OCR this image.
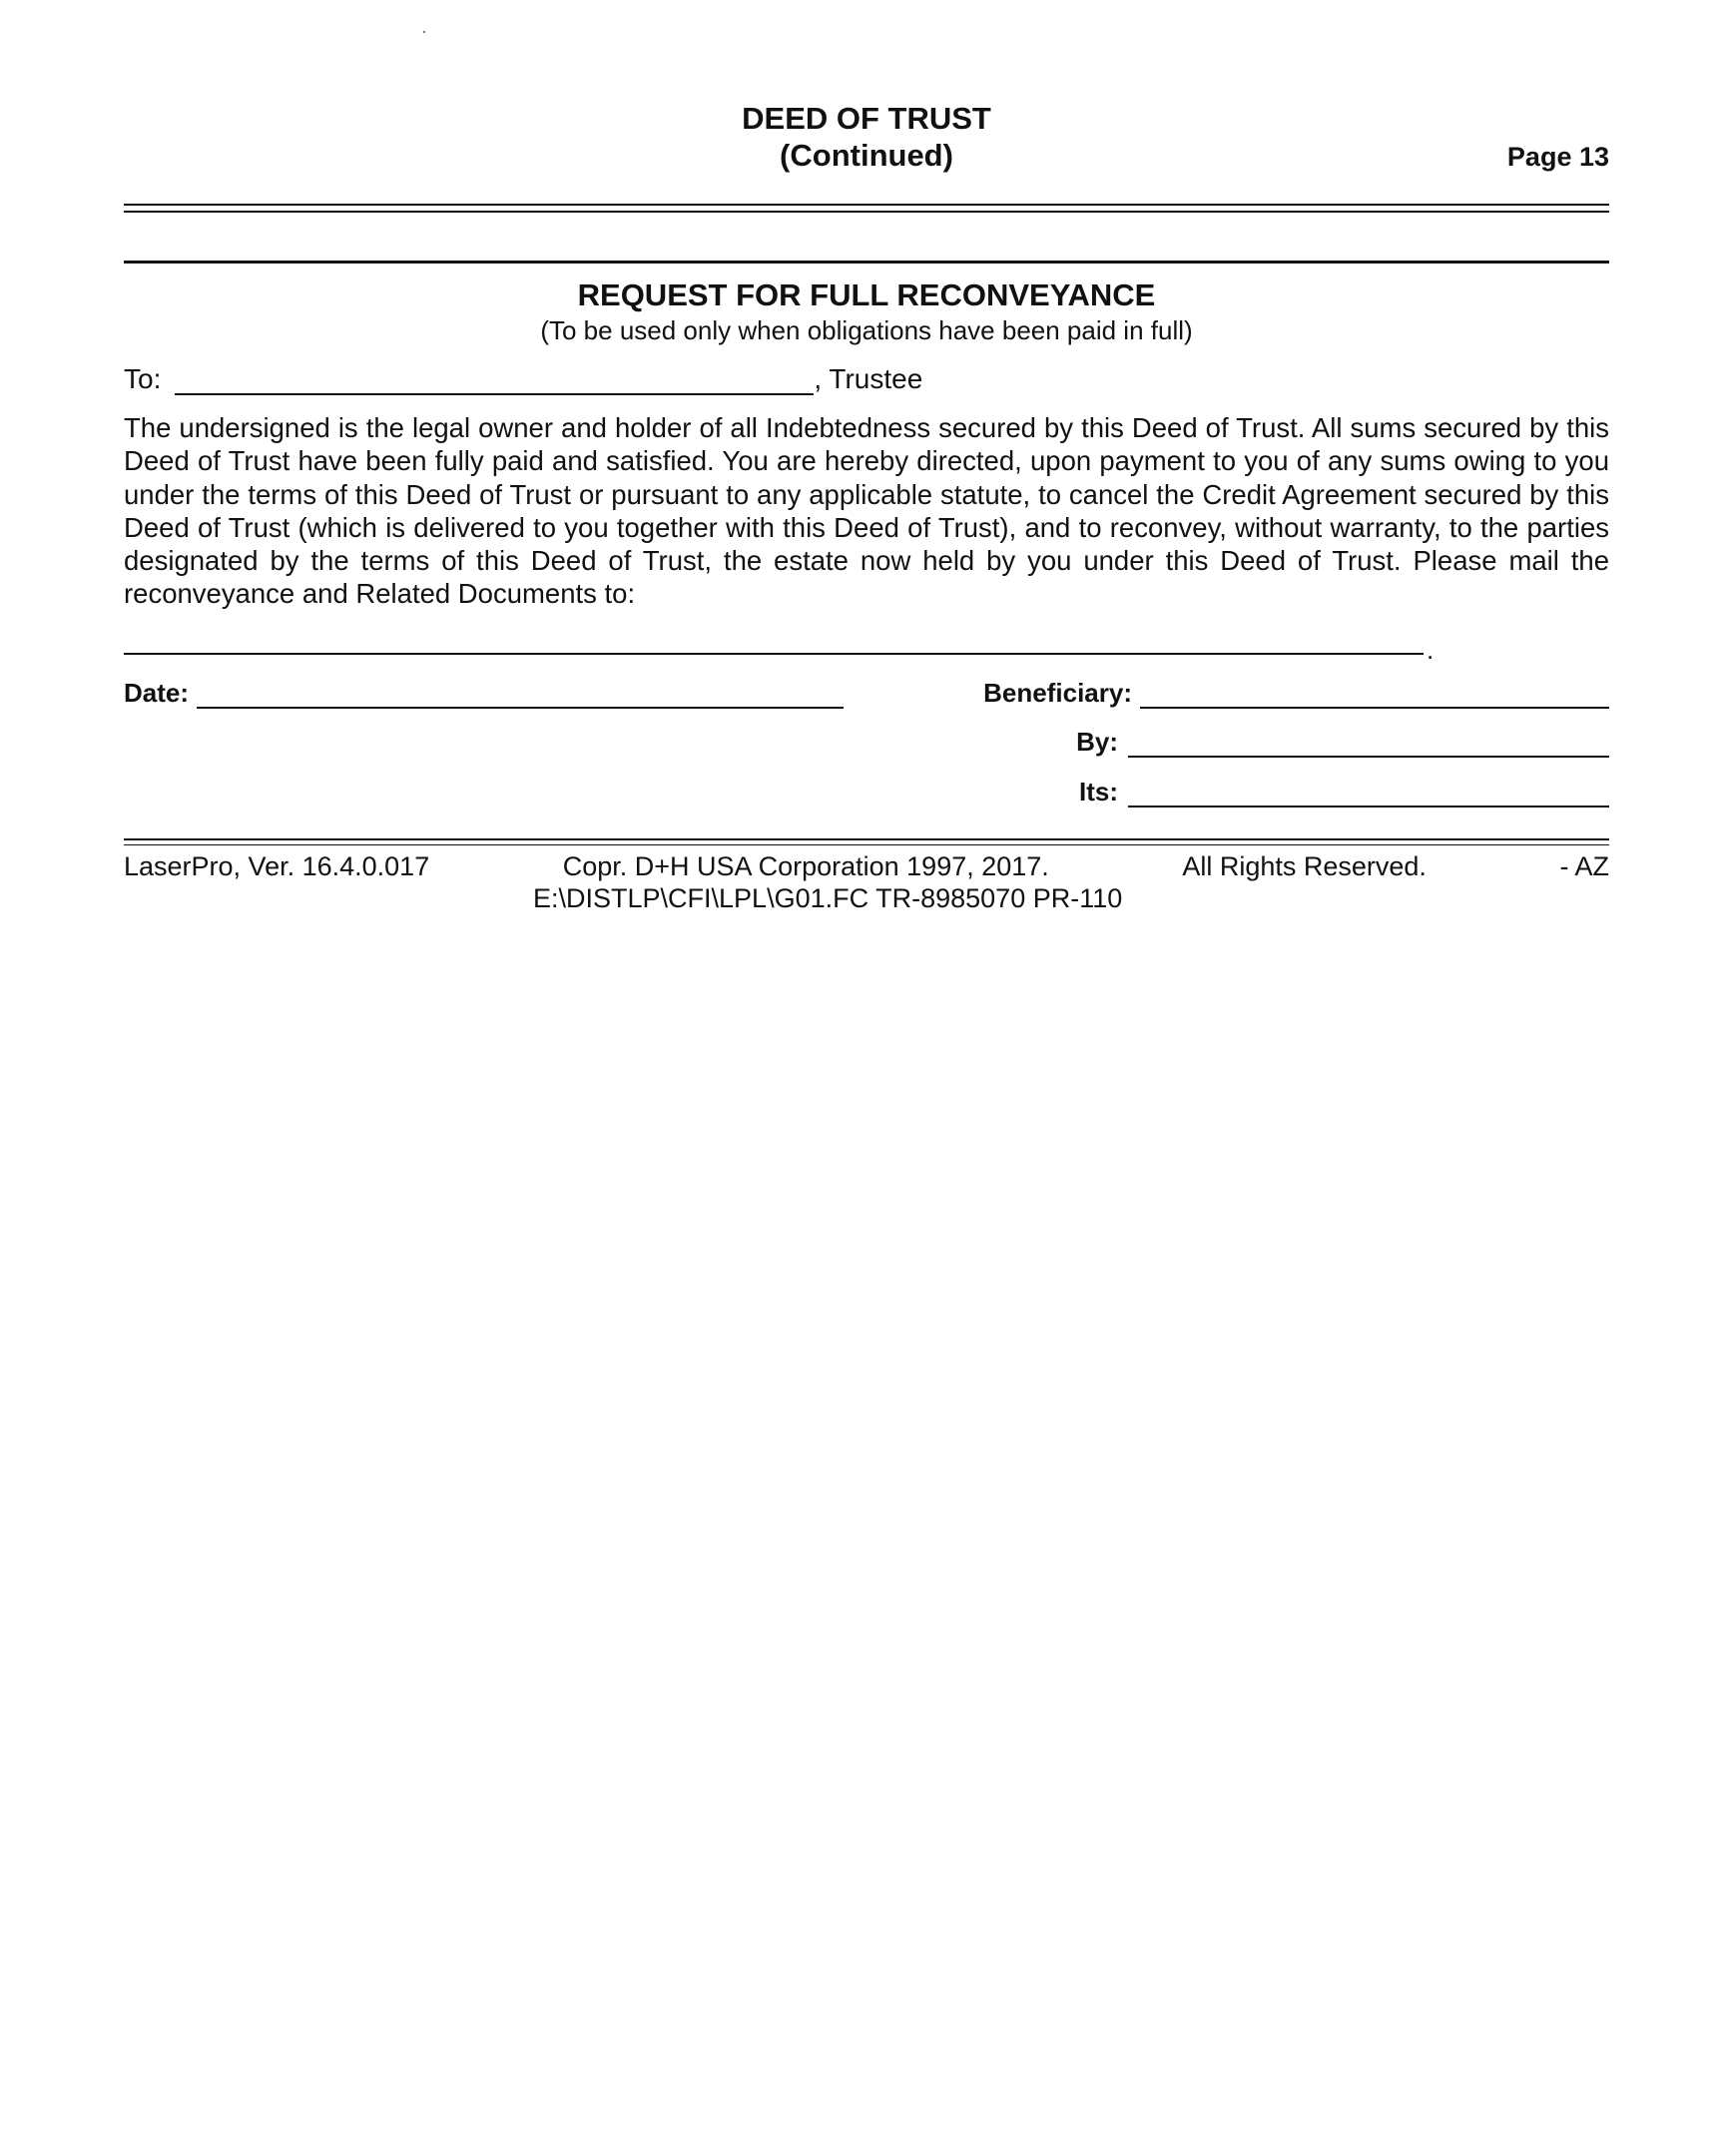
DEED OF TRUST
(Continued)	Page 13
REQUEST FOR FULL RECONVEYANCE
(To be used only when obligations have been paid in full)
To:	, Trustee
The undersigned is the legal owner and holder of all Indebtedness secured by this Deed of Trust. All sums secured by this Deed of Trust have been fully paid and satisfied. You are hereby directed, upon payment to you of any sums owing to you under the terms of this Deed of Trust or pursuant to any applicable statute, to cancel the Credit Agreement secured by this Deed of Trust (which is delivered to you together with this Deed of Trust), and to reconvey, without warranty, to the parties designated by the terms of this Deed of Trust, the estate now held by you under this Deed of Trust. Please mail the reconveyance and Related Documents to:
.
Date:	Beneficiary:
By:
Its:
LaserPro, Ver. 16.4.0.017	Copr. D+H USA Corporation 1997, 2017.	All Rights Reserved.	- AZ
E:\DISTLP\CFI\LPL\G01.FC TR-8985070 PR-110
